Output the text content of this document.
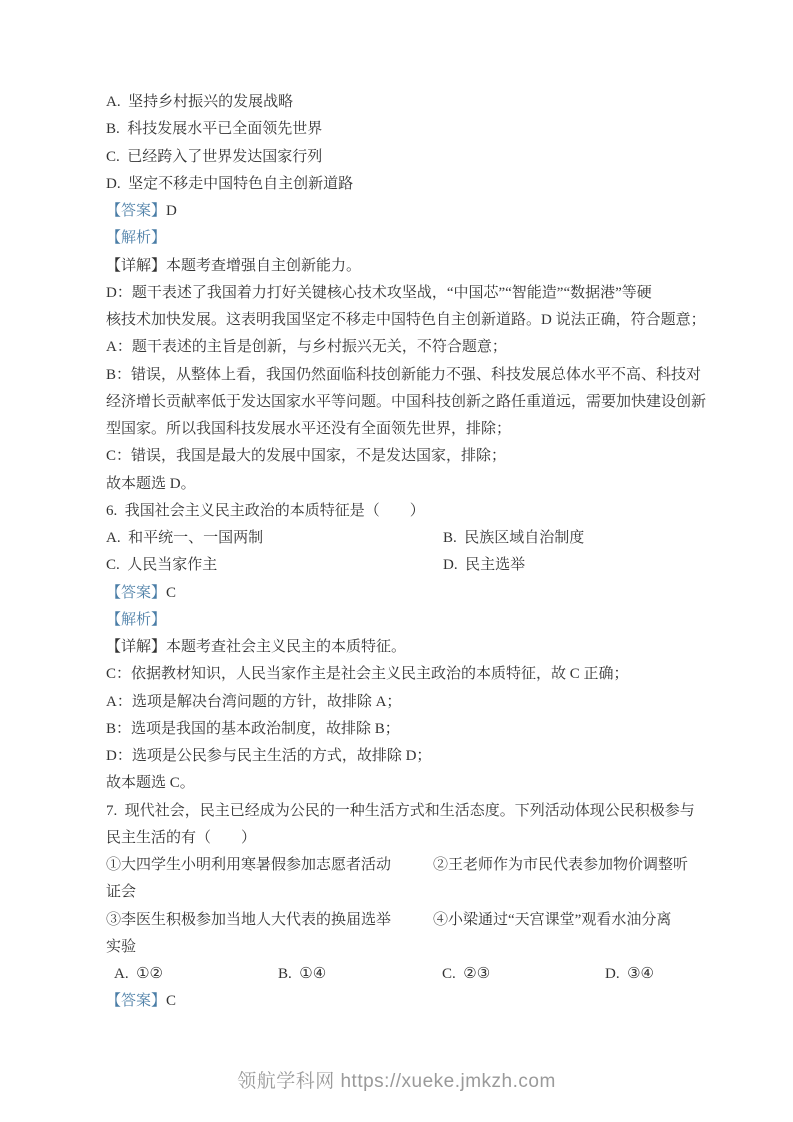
A.  坚持乡村振兴的发展战略
B.  科技发展水平已全面领先世界
C.  已经跨入了世界发达国家行列
D.  坚定不移走中国特色自主创新道路
【答案】D
【解析】
【详解】本题考查增强自主创新能力。
D：题干表述了我国着力打好关键核心技术攻坚战，“中国芯”“智能造”“数据港”等硬
核技术加快发展。这表明我国坚定不移走中国特色自主创新道路。D 说法正确，符合题意；
A：题干表述的主旨是创新，与乡村振兴无关，不符合题意；
B：错误，从整体上看，我国仍然面临科技创新能力不强、科技发展总体水平不高、科技对
经济增长贡献率低于发达国家水平等问题。中国科技创新之路任重道远，需要加快建设创新
型国家。所以我国科技发展水平还没有全面领先世界，排除；
C：错误，我国是最大的发展中国家，不是发达国家，排除；
故本题选 D。
6.  我国社会主义民主政治的本质特征是（　　）
A.  和平统一、一国两制	B.  民族区域自治制度
C.  人民当家作主	D.  民主选举
【答案】C
【解析】
【详解】本题考查社会主义民主的本质特征。
C：依据教材知识，人民当家作主是社会主义民主政治的本质特征，故 C 正确；
A：选项是解决台湾问题的方针，故排除 A；
B：选项是我国的基本政治制度，故排除 B；
D：选项是公民参与民主生活的方式，故排除 D；
故本题选 C。
7.  现代社会，民主已经成为公民的一种生活方式和生活态度。下列活动体现公民积极参与
民主生活的有（　　）
①大四学生小明利用寒暑假参加志愿者活动	②王老师作为市民代表参加物价调整听
证会
③李医生积极参加当地人大代表的换届选举	④小梁通过“天宫课堂”观看水油分离
实验
A.  ①②	B.  ①④	C.  ②③	D.  ③④
【答案】C
领航学科网 https://xueke.jmkzh.com
